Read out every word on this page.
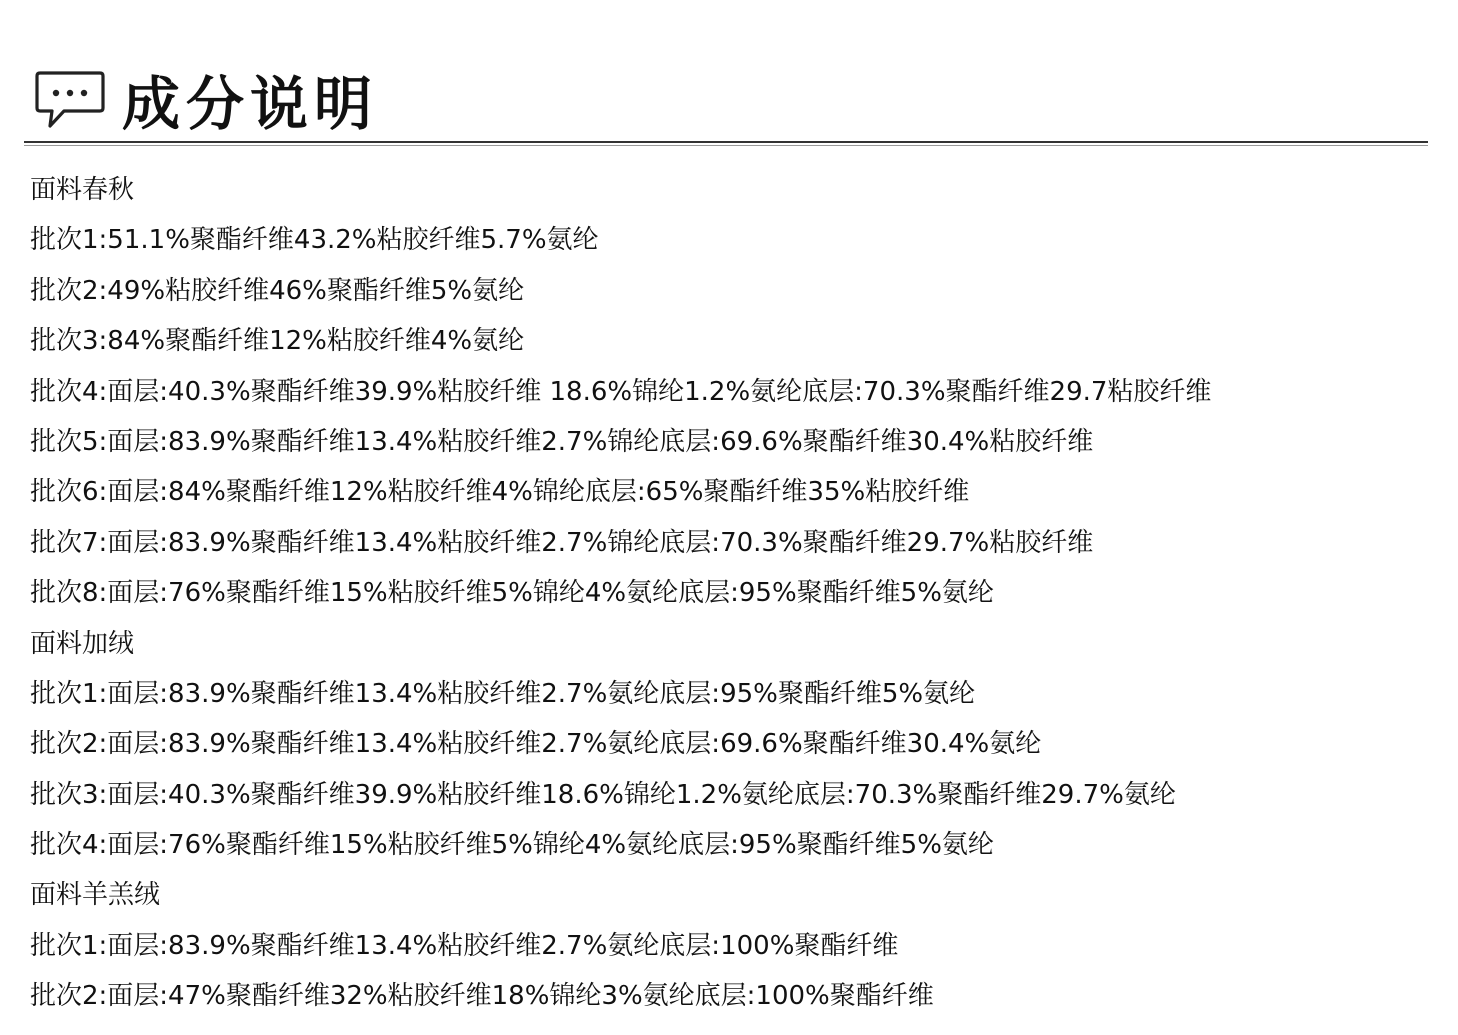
成分说明
面料春秋
批次1:51.1%聚酯纤维43.2%粘胶纤维5.7%氨纶
批次2:49%粘胶纤维46%聚酯纤维5%氨纶
批次3:84%聚酯纤维12%粘胶纤维4%氨纶
批次4:面层:40.3%聚酯纤维39.9%粘胶纤维 18.6%锦纶1.2%氨纶底层:70.3%聚酯纤维29.7粘胶纤维
批次5:面层:83.9%聚酯纤维13.4%粘胶纤维2.7%锦纶底层:69.6%聚酯纤维30.4%粘胶纤维
批次6:面层:84%聚酯纤维12%粘胶纤维4%锦纶底层:65%聚酯纤维35%粘胶纤维
批次7:面层:83.9%聚酯纤维13.4%粘胶纤维2.7%锦纶底层:70.3%聚酯纤维29.7%粘胶纤维
批次8:面层:76%聚酯纤维15%粘胶纤维5%锦纶4%氨纶底层:95%聚酯纤维5%氨纶
面料加绒
批次1:面层:83.9%聚酯纤维13.4%粘胶纤维2.7%氨纶底层:95%聚酯纤维5%氨纶
批次2:面层:83.9%聚酯纤维13.4%粘胶纤维2.7%氨纶底层:69.6%聚酯纤维30.4%氨纶
批次3:面层:40.3%聚酯纤维39.9%粘胶纤维18.6%锦纶1.2%氨纶底层:70.3%聚酯纤维29.7%氨纶
批次4:面层:76%聚酯纤维15%粘胶纤维5%锦纶4%氨纶底层:95%聚酯纤维5%氨纶
面料羊羔绒
批次1:面层:83.9%聚酯纤维13.4%粘胶纤维2.7%氨纶底层:100%聚酯纤维
批次2:面层:47%聚酯纤维32%粘胶纤维18%锦纶3%氨纶底层:100%聚酯纤维
